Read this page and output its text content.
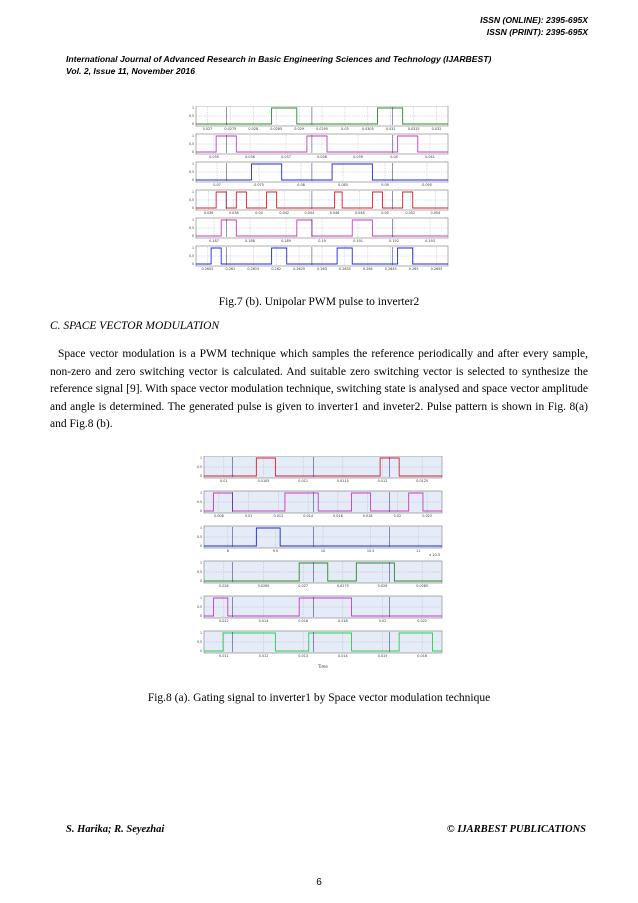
ISSN (ONLINE): 2395-695X
ISSN (PRINT): 2395-695X
International Journal of Advanced Research in Basic Engineering Sciences and Technology (IJARBEST)
Vol. 2, Issue 11, November 2016
1
0.5
0
0.027	0.0275	0.028	0.0285	0.029	0.0295	0.03	0.0305	0.031	0.0315	0.032
1
0.5
0
0.035	0.036	0.037	0.038	0.039	0.04	0.041
1
0.5
0
0.07	0.075	0.08	0.085	0.09	0.095
1
0.5
0
0.036	0.038	0.04	0.042	0.044	0.046	0.048	0.05	0.052	0.054
1
0.5
0
0.187	0.188	0.189	0.19	0.191	0.192	0.193
1
0.5
0
0.2605	0.261	0.2615	0.262	0.2625	0.263	0.2635	0.264	0.2645	0.265	0.2655
Fig.7 (b). Unipolar PWM pulse to inverter2
C. SPACE VECTOR MODULATION

Space vector modulation is a PWM technique which samples the reference periodically and after every sample, non-zero and zero switching vector is calculated. And suitable zero switching vector is selected to synthesize the reference signal [9]. With space vector modulation technique, switching state is analysed and space vector amplitude and angle is determined. The generated pulse is given to inverter1 and inveter2. Pulse pattern is shown in Fig. 8(a) and Fig.8 (b).

1
0.5
0
0.01	0.0105	0.011	0.0115	0.012	0.0125
1
0.5
0
0.008	0.01	0.012	0.014	0.016	0.018	0.02	0.022
1
0.5
0
8	9.5	10	10.5	11
1
0.5
0
0.026	0.0265	0.027	0.0275	0.028	0.0285
1
0.5
0
0.012	0.014	0.016	0.018	0.02	0.022
1
0.5
0
0.011	0.012	0.013	0.014	0.015	0.016
Time
x 10-3
Fig.8 (a). Gating signal to inverter1 by Space vector modulation technique
S. Harika; R. Seyezhai	© IJARBEST PUBLICATIONS
6
